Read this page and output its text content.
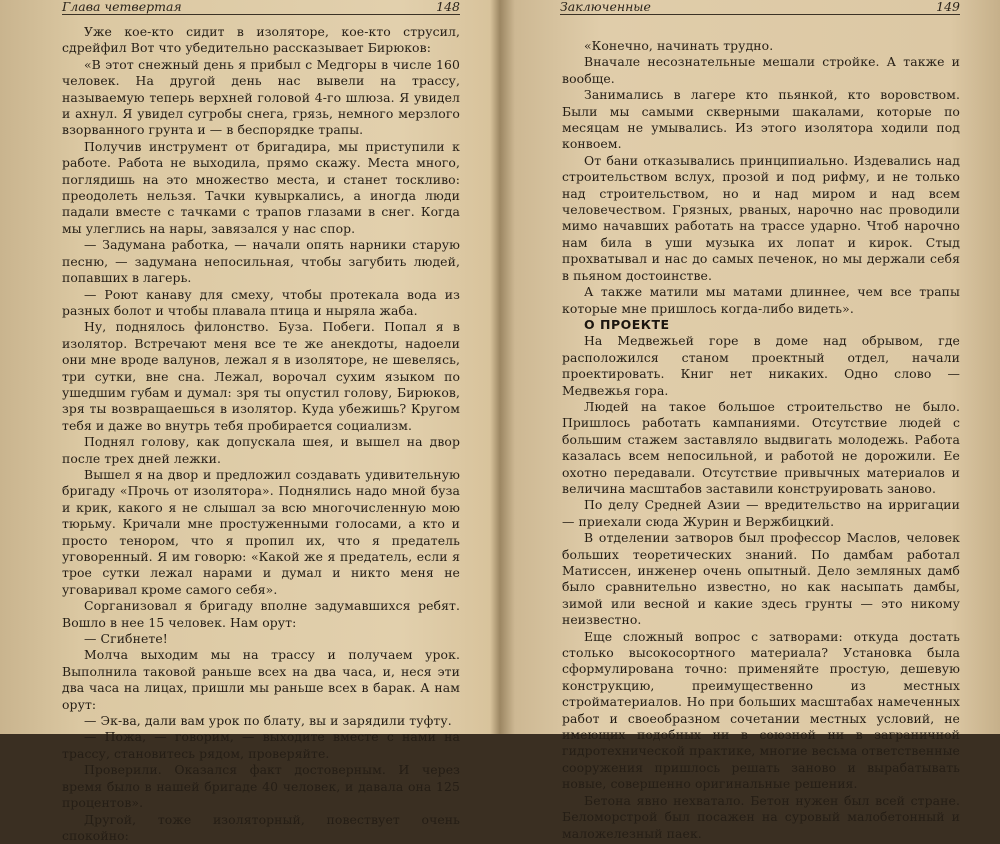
Глава четвертая	148

Уже кое-кто сидит в изоляторе, кое-кто струсил, сдрейфил Вот что убедительно рассказывает Бирюков:

«В этот снежный день я прибыл с Медгоры в числе 160 человек. На другой день нас вывели на трассу, называемую теперь верхней головой 4-го шлюза. Я увидел и ахнул. Я увидел сугробы снега, грязь, немного мерзлого взорванного грунта и — в беспорядке трапы.

Получив инструмент от бригадира, мы приступили к работе. Работа не выходила, прямо скажу. Места много, поглядишь на это множество места, и станет тоскливо: преодолеть нельзя. Тачки кувыркались, а иногда люди падали вместе с тачками с трапов глазами в снег. Когда мы улеглись на нары, завязался у нас спор.

— Задумана работка, — начали опять нарники старую песню, — задумана непосильная, чтобы загубить людей, попавших в лагерь.

— Роют канаву для смеху, чтобы протекала вода из разных болот и чтобы плавала птица и ныряла жаба.

Ну, поднялось филонство. Буза. Побеги. Попал я в изолятор. Встречают меня все те же анекдоты, надоели они мне вроде валунов, лежал я в изоляторе, не шевелясь, три сутки, вне сна. Лежал, ворочал сухим языком по ушедшим губам и думал: зря ты опустил голову, Бирюков, зря ты возвращаешься в изолятор. Куда убежишь? Кругом тебя и даже во внутрь тебя пробирается социализм.

Поднял голову, как допускала шея, и вышел на двор после трех дней лежки.

Вышел я на двор и предложил создавать удивительную бригаду «Прочь от изолятора». Поднялись надо мной буза и крик, какого я не слышал за всю многочисленную мою тюрьму. Кричали мне простуженными голосами, а кто и просто тенором, что я пропил их, что я предатель уговоренный. Я им говорю: «Какой же я предатель, если я трое сутки лежал нарами и думал и никто меня не уговаривал кроме самого себя».

Сорганизовал я бригаду вполне задумавшихся ребят. Вошло в нее 15 человек. Нам орут:

— Сгибнете!

Молча выходим мы на трассу и получаем урок. Выполнила таковой раньше всех на два часа, и, неся эти два часа на лицах, пришли мы раньше всех в барак. А нам орут:

— Эк-ва, дали вам урок по блату, вы и зарядили туфту.

— Пожа, — говорим, — выходите вместе с нами на трассу, становитесь рядом, проверяйте.

Проверили. Оказался факт достоверным. И через время было в нашей бригаде 40 человек, и давала она 125 процентов».

Другой, тоже изоляторный, повествует очень спокойно:

Заключенные	149

«Конечно, начинать трудно.

Вначале несознательные мешали стройке. А также и вообще.

Занимались в лагере кто пьянкой, кто воровством. Были мы самыми скверными шакалами, которые по месяцам не умывались. Из этого изолятора ходили под конвоем.

От бани отказывались принципиально. Издевались над строительством вслух, прозой и под рифму, и не только над строительством, но и над миром и над всем человечеством. Грязных, рваных, нарочно нас проводили мимо начавших работать на трассе ударно. Чтоб нарочно нам била в уши музыка их лопат и кирок. Стыд прохватывал и нас до самых печенок, но мы держали себя в пьяном достоинстве.

А также матили мы матами длиннее, чем все трапы которые мне пришлось когда-либо видеть».

О ПРОЕКТЕ

На Медвежьей горе в доме над обрывом, где расположился станом проектный отдел, начали проектировать. Книг нет никаких. Одно слово — Медвежья гора.

Людей на такое большое строительство не было. Пришлось работать кампаниями. Отсутствие людей с большим стажем заставляло выдвигать молодежь. Работа казалась всем непосильной, и работой не дорожили. Ее охотно передавали. Отсутствие привычных материалов и величина масштабов заставили конструировать заново.

По делу Средней Азии — вредительство на ирригации — приехали сюда Журин и Вержбицкий.

В отделении затворов был профессор Маслов, человек больших теоретических знаний. По дамбам работал Матиссен, инженер очень опытный. Дело земляных дамб было сравнительно известно, но как насыпать дамбы, зимой или весной и какие здесь грунты — это никому неизвестно.

Еще сложный вопрос с затворами: откуда достать столько высокосортного материала? Установка была сформулирована точно: применяйте простую, дешевую конструкцию, преимущественно из местных стройматериалов. Но при больших масштабах намеченных работ и своеобразном сочетании местных условий, не имеющих подобных ни в союзной ни в заграничной гидротехнической практике, многие весьма ответственные сооружения пришлось решать заново и вырабатывать новые, совершенно оригинальные решения.

Бетона явно нехватало. Бетон нужен был всей стране. Беломорстрой был посажен на суровый малобетонный и маложелезный паек.
